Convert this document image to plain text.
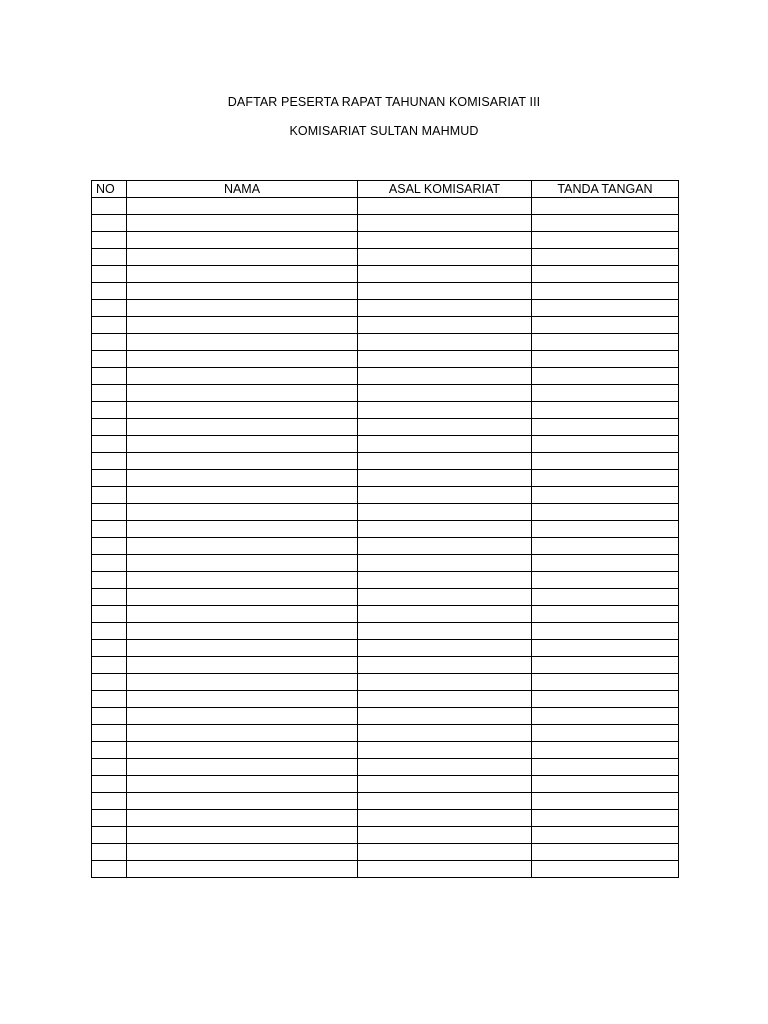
DAFTAR PESERTA RAPAT TAHUNAN KOMISARIAT III
KOMISARIAT SULTAN MAHMUD
NO	NAMA	ASAL KOMISARIAT	TANDA TANGAN
